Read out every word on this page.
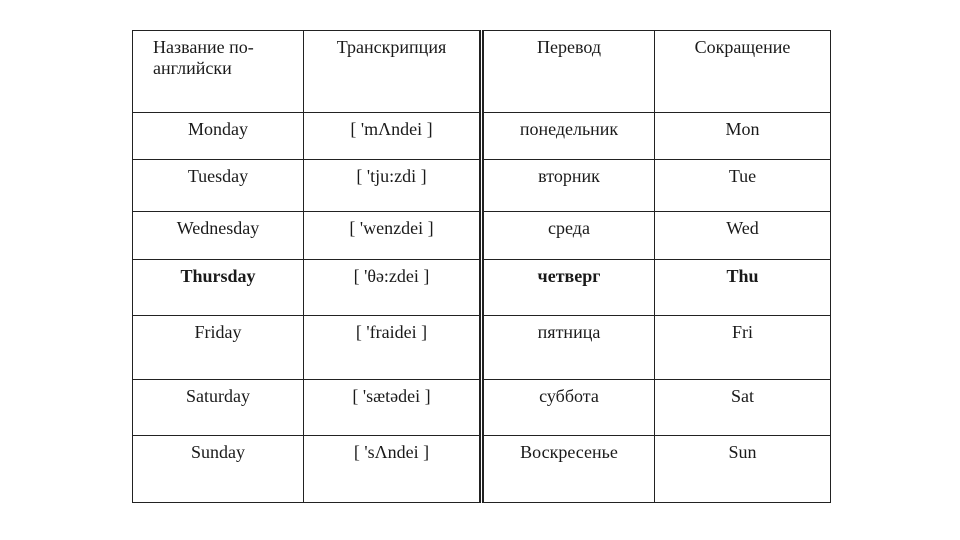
Название по-английски	Транскрипция	Перевод	Сокращение
Monday	[ 'mΛndei ]	понедельник	Mon
Tuesday	[ 'tju:zdi ]	вторник	Tue
Wednesday	[ 'wenzdei ]	среда	Wed
Thursday	[ 'θə:zdei ]	четверг	Thu
Friday	[ 'fraidei ]	пятница	Fri
Saturday	[ 'sætədei ]	суббота	Sat
Sunday	[ 'sΛndei ]	Воскресенье	Sun
